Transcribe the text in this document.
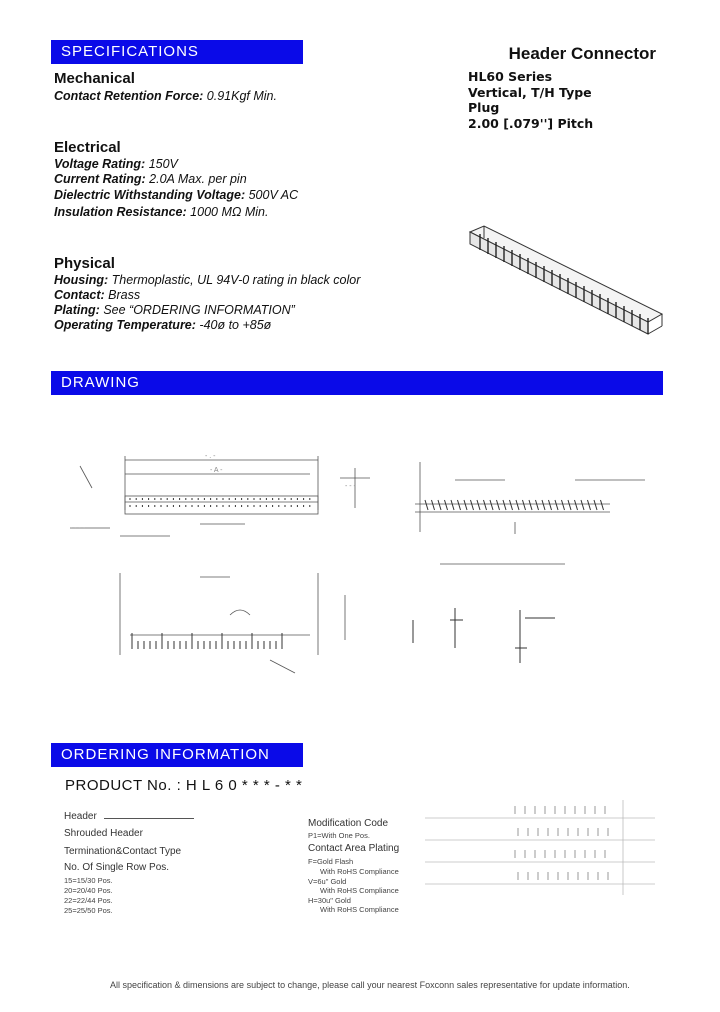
SPECIFICATIONS
DRAWING
ORDERING INFORMATION
Header Connector
HL60 Series
Vertical, T/H Type
Plug
2.00 [.079''] Pitch
Mechanical
Contact Retention Force: 0.91Kgf Min.
Electrical
Voltage Rating: 150V
Current Rating: 2.0A Max. per pin
Dielectric Withstanding Voltage: 500V AC
Insulation Resistance: 1000 MΩ Min.
Physical
Housing: Thermoplastic, UL 94V-0 rating in black color
Contact: Brass
Plating: See “ORDERING INFORMATION”
Operating Temperature: -40ø to +85ø
- . -
- A -
- - -
- - - -
PRODUCT No. : H L 6 0 * * * - * *
Header
Shrouded Header
Termination&Contact Type
No. Of Single Row Pos.
15=15/30 Pos.
20=20/40 Pos.
22=22/44 Pos.
25=25/50 Pos.
Modification Code
P1=With One Pos.
Contact Area Plating
F=Gold Flash
With RoHS Compliance
V=6u" Gold
With RoHS Compliance
H=30u" Gold
With RoHS Compliance
All specification & dimensions are subject to change, please call your nearest Foxconn sales representative for update information.
